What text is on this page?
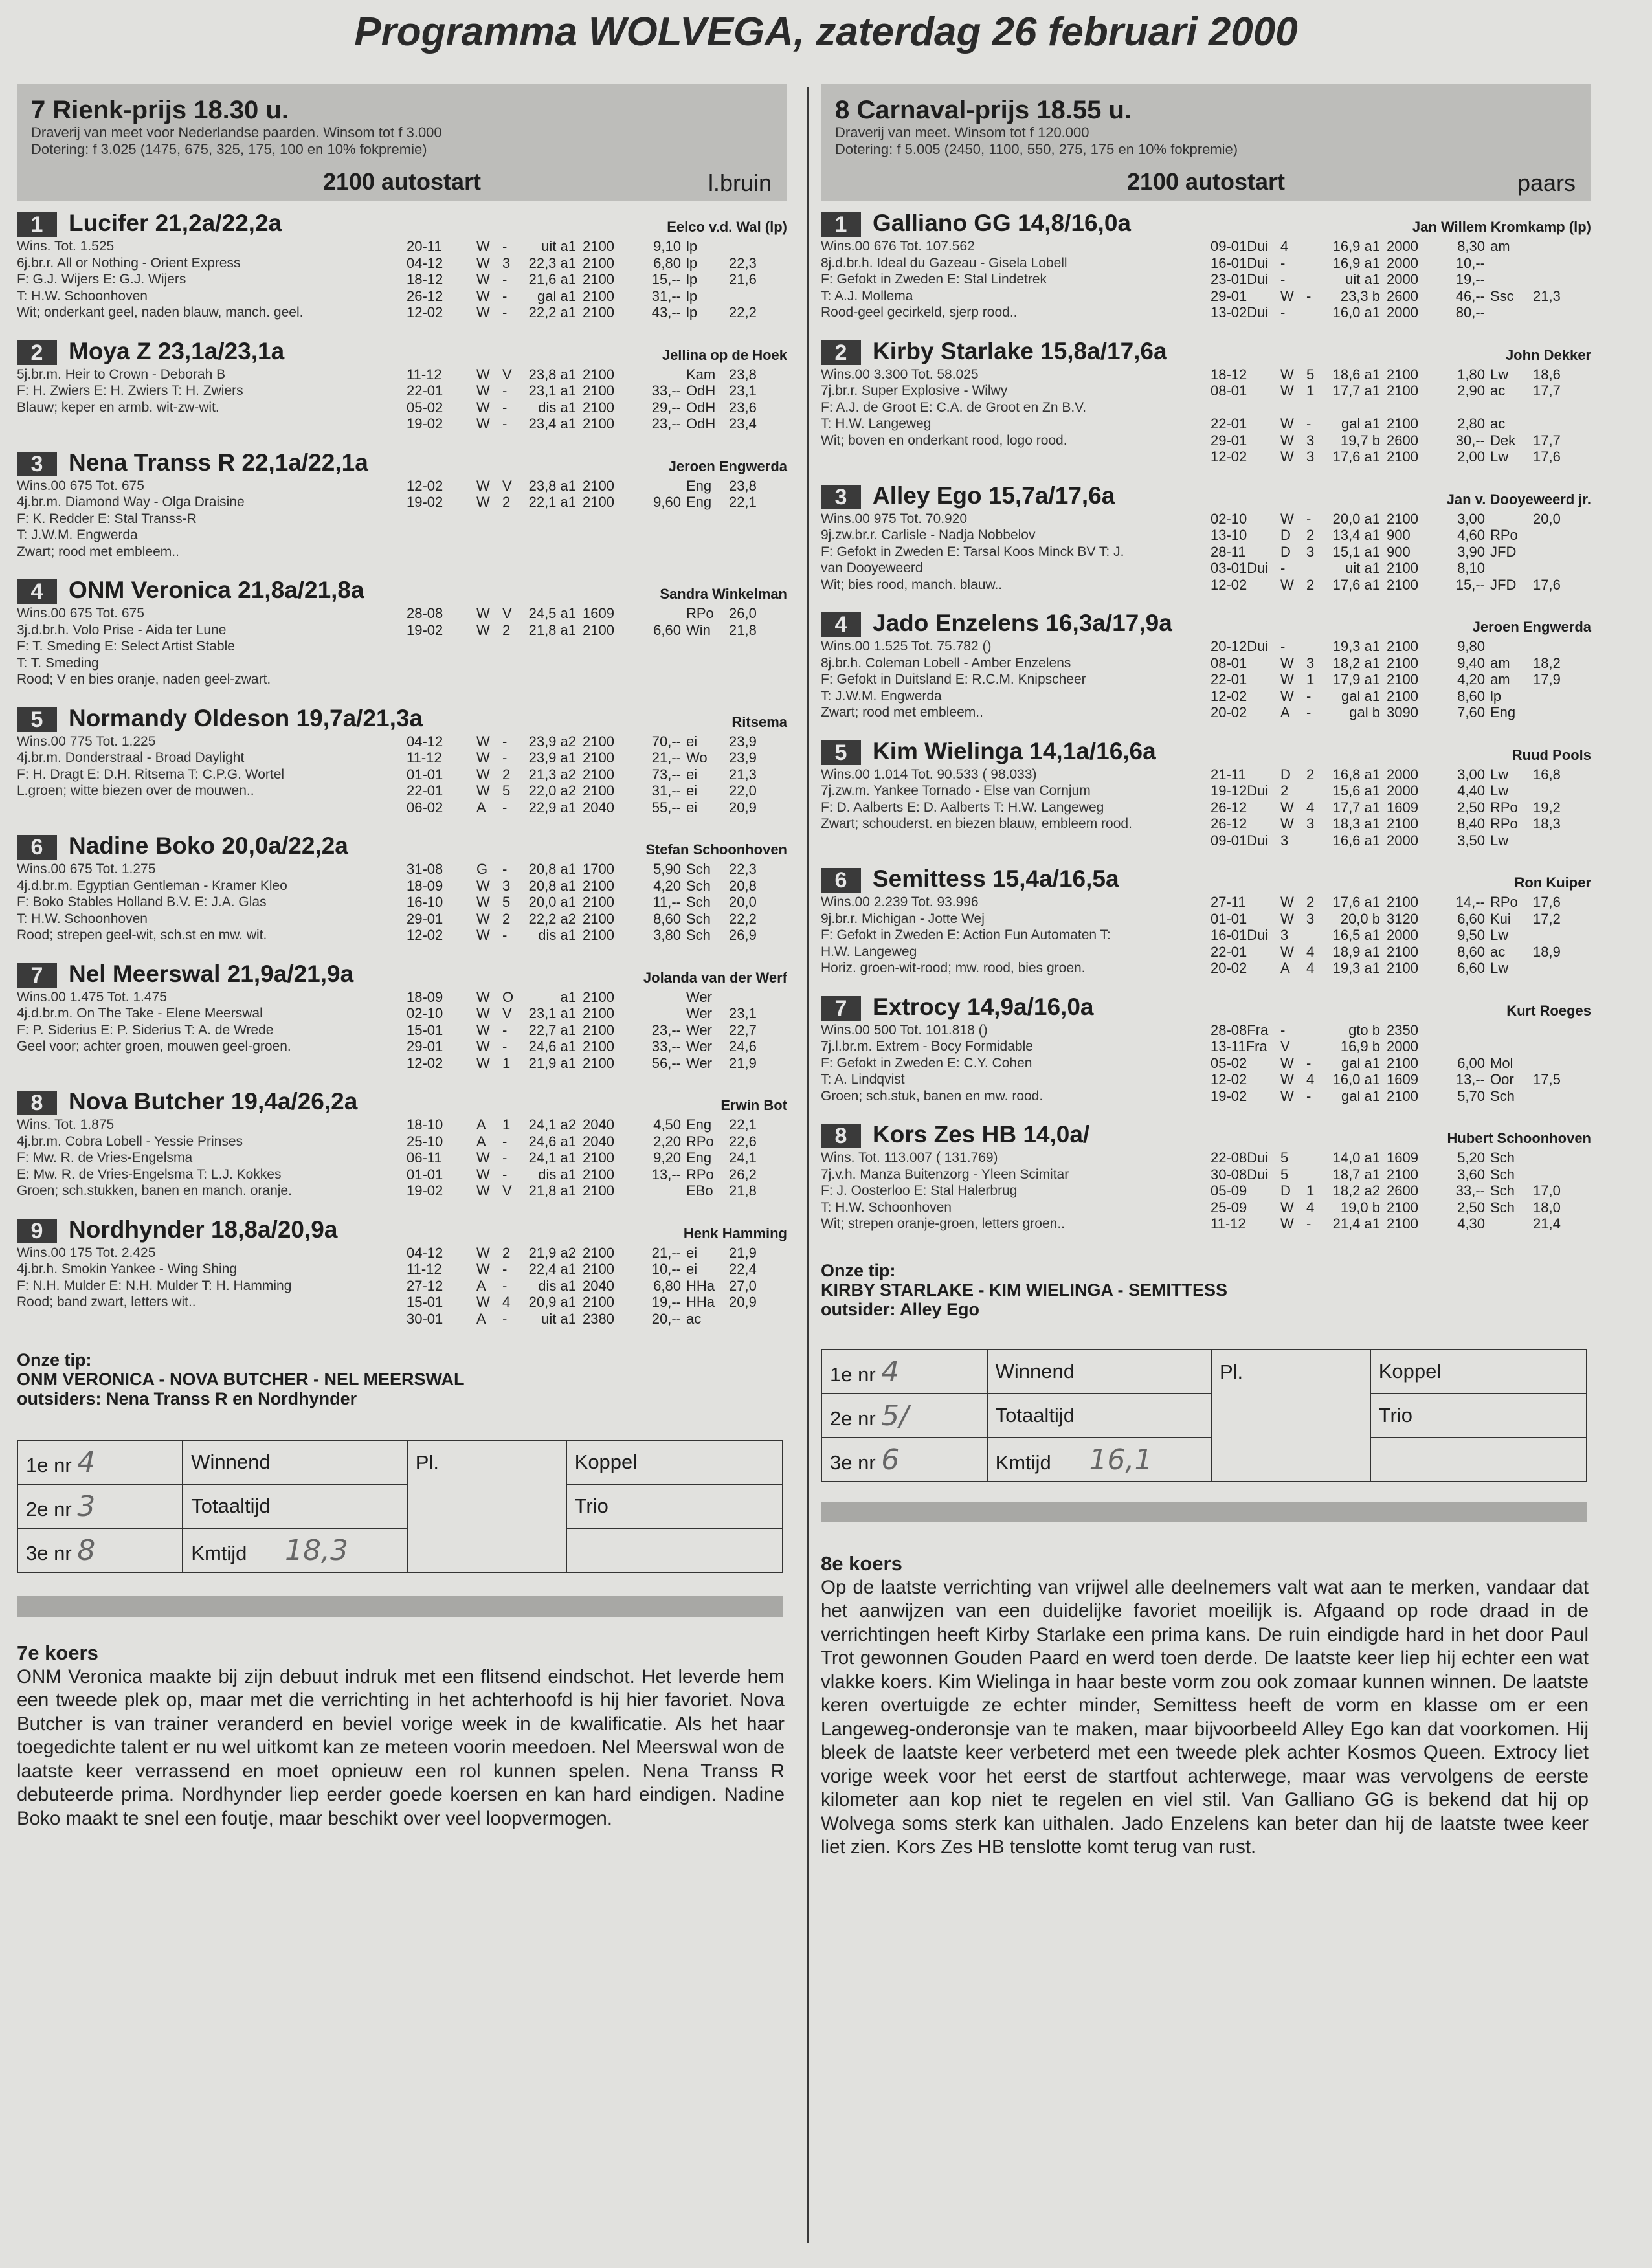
Programma WOLVEGA, zaterdag 26 februari 2000
7 Rienk-prijs 18.30 u.
Draverij van meet voor Nederlandse paarden. Winsom tot f 3.000
Dotering: f 3.025 (1475, 675, 325, 175, 100 en 10% fokpremie)
2100 autostart	l.bruin
1	Lucifer 21,2a/22,2a	Eelco v.d. Wal (lp)
Wins. Tot. 1.525
6j.br.r. All or Nothing - Orient Express
F: G.J. Wijers E: G.J. Wijers
T: H.W. Schoonhoven
Wit; onderkant geel, naden blauw, manch. geel.
20-11 W -	uit a1 2100	9,10 lp
04-12 W 3	22,3 a1 2100	6,80 lp 22,3
18-12 W -	21,6 a1 2100	15,-- lp 21,6
26-12 W -	gal a1 2100	31,-- lp
12-02 W -	22,2 a1 2100	43,-- lp 22,2
2	Moya Z 23,1a/23,1a	Jellina op de Hoek
5j.br.m. Heir to Crown - Deborah B
F: H. Zwiers E: H. Zwiers T: H. Zwiers
Blauw; keper en armb. wit-zw-wit.
11-12 W V	23,8 a1 2100	Kam 23,8
22-01 W -	23,1 a1 2100	33,-- OdH 23,1
05-02 W -	dis a1 2100	29,-- OdH 23,6
19-02 W -	23,4 a1 2100	23,-- OdH 23,4
3	Nena Transs R 22,1a/22,1a	Jeroen Engwerda
Wins.00 675 Tot. 675
4j.br.m. Diamond Way - Olga Draisine
F: K. Redder E: Stal Transs-R
T: J.W.M. Engwerda
Zwart; rood met embleem..
12-02 W V	23,8 a1 2100	Eng 23,8
19-02 W 2	22,1 a1 2100	9,60 Eng 22,1
4	ONM Veronica 21,8a/21,8a	Sandra Winkelman
Wins.00 675 Tot. 675
3j.d.br.h. Volo Prise - Aida ter Lune
F: T. Smeding E: Select Artist Stable
T: T. Smeding
Rood; V en bies oranje, naden geel-zwart.
28-08 W V	24,5 a1 1609	RPo 26,0
19-02 W 2	21,8 a1 2100	6,60 Win 21,8
5	Normandy Oldeson 19,7a/21,3a	Ritsema
Wins.00 775 Tot. 1.225
4j.br.m. Donderstraal - Broad Daylight
F: H. Dragt E: D.H. Ritsema T: C.P.G. Wortel
L.groen; witte biezen over de mouwen..
04-12 W -	23,9 a2 2100	70,-- ei 23,9
11-12 W -	23,9 a1 2100	21,-- Wo 23,9
01-01 W 2	21,3 a2 2100	73,-- ei 21,3
22-01 W 5	22,0 a2 2100	31,-- ei 22,0
06-02 A -	22,9 a1 2040	55,-- ei 20,9
6	Nadine Boko 20,0a/22,2a	Stefan Schoonhoven
Wins.00 675 Tot. 1.275
4j.d.br.m. Egyptian Gentleman - Kramer Kleo
F: Boko Stables Holland B.V. E: J.A. Glas
T: H.W. Schoonhoven
Rood; strepen geel-wit, sch.st en mw. wit.
31-08 G -	20,8 a1 1700	5,90 Sch 22,3
18-09 W 3	20,8 a1 2100	4,20 Sch 20,8
16-10 W 5	20,0 a1 2100	11,-- Sch 20,0
29-01 W 2	22,2 a2 2100	8,60 Sch 22,2
12-02 W -	dis a1 2100	3,80 Sch 26,9
7	Nel Meerswal 21,9a/21,9a	Jolanda van der Werf
Wins.00 1.475 Tot. 1.475
4j.d.br.m. On The Take - Elene Meerswal
F: P. Siderius E: P. Siderius T: A. de Wrede
Geel voor; achter groen, mouwen geel-groen.
18-09 W O	a1 2100	Wer
02-10 W V	23,1 a1 2100	Wer 23,1
15-01 W -	22,7 a1 2100	23,-- Wer 22,7
29-01 W -	24,6 a1 2100	33,-- Wer 24,6
12-02 W 1	21,9 a1 2100	56,-- Wer 21,9
8	Nova Butcher 19,4a/26,2a	Erwin Bot
Wins. Tot. 1.875
4j.br.m. Cobra Lobell - Yessie Prinses
F: Mw. R. de Vries-Engelsma
E: Mw. R. de Vries-Engelsma T: L.J. Kokkes
Groen; sch.stukken, banen en manch. oranje.
18-10 A 1	24,1 a2 2040	4,50 Eng 22,1
25-10 A -	24,6 a1 2040	2,20 RPo 22,6
06-11 W -	24,1 a1 2100	9,20 Eng 24,1
01-01 W -	dis a1 2100	13,-- RPo 26,2
19-02 W V	21,8 a1 2100	EBo 21,8
9	Nordhynder 18,8a/20,9a	Henk Hamming
Wins.00 175 Tot. 2.425
4j.br.h. Smokin Yankee - Wing Shing
F: N.H. Mulder E: N.H. Mulder T: H. Hamming
Rood; band zwart, letters wit..
04-12 W 2	21,9 a2 2100	21,-- ei 21,9
11-12 W -	22,4 a1 2100	10,-- ei 22,4
27-12 A -	dis a1 2040	6,80 HHa 27,0
15-01 W 4	20,9 a1 2100	19,-- HHa 20,9
30-01 A -	uit a1 2380	20,-- ac
8 Carnaval-prijs 18.55 u.
Draverij van meet. Winsom tot f 120.000
Dotering: f 5.005 (2450, 1100, 550, 275, 175 en 10% fokpremie)
2100 autostart	paars
1	Galliano GG 14,8/16,0a	Jan Willem Kromkamp (lp)
Wins.00 676 Tot. 107.562
8j.d.br.h. Ideal du Gazeau - Gisela Lobell
F: Gefokt in Zweden E: Stal Lindetrek
T: A.J. Mollema
Rood-geel gecirkeld, sjerp rood..
09-01Dui 4	16,9 a1 2000	8,30 am
16-01Dui -	16,9 a1 2000	10,--
23-01Dui -	uit a1 2000	19,--
29-01 W -	23,3 b 2600	46,-- Ssc 21,3
13-02Dui -	16,0 a1 2000	80,--
2	Kirby Starlake 15,8a/17,6a	John Dekker
Wins.00 3.300 Tot. 58.025
7j.br.r. Super Explosive - Wilwy
F: A.J. de Groot E: C.A. de Groot en Zn B.V.
T: H.W. Langeweg
Wit; boven en onderkant rood, logo rood.
18-12 W 5	18,6 a1 2100	1,80 Lw 18,6
08-01 W 1	17,7 a1 2100	2,90 ac 17,7
22-01 W -	gal a1 2100	2,80 ac
29-01 W 3	19,7 b 2600	30,-- Dek 17,7
12-02 W 3	17,6 a1 2100	2,00 Lw 17,6
3	Alley Ego 15,7a/17,6a	Jan v. Dooyeweerd jr.
Wins.00 975 Tot. 70.920
9j.zw.br.r. Carlisle - Nadja Nobbelov
F: Gefokt in Zweden E: Tarsal Koos Minck BV T: J.
van Dooyeweerd
Wit; bies rood, manch. blauw..
02-10 W -	20,0 a1 2100	3,00	20,0
13-10 D 2	13,4 a1 900	4,60 RPo
28-11 D 3	15,1 a1 900	3,90 JFD
03-01Dui -	uit a1 2100	8,10
12-02 W 2	17,6 a1 2100	15,-- JFD 17,6
4	Jado Enzelens 16,3a/17,9a	Jeroen Engwerda
Wins.00 1.525 Tot. 75.782 ()
8j.br.h. Coleman Lobell - Amber Enzelens
F: Gefokt in Duitsland E: R.C.M. Knipscheer
T: J.W.M. Engwerda
Zwart; rood met embleem..
20-12Dui -	19,3 a1 2100	9,80
08-01 W 3	18,2 a1 2100	9,40 am 18,2
22-01 W 1	17,9 a1 2100	4,20 am 17,9
12-02 W -	gal a1 2100	8,60 lp
20-02 A -	gal b 3090	7,60 Eng
5	Kim Wielinga 14,1a/16,6a	Ruud Pools
Wins.00 1.014 Tot. 90.533 ( 98.033)
7j.zw.m. Yankee Tornado - Else van Cornjum
F: D. Aalberts E: D. Aalberts T: H.W. Langeweg
Zwart; schouderst. en biezen blauw, embleem rood.
21-11 D 2	16,8 a1 2000	3,00 Lw 16,8
19-12Dui 2	15,6 a1 2000	4,40 Lw
26-12 W 4	17,7 a1 1609	2,50 RPo 19,2
26-12 W 3	18,3 a1 2100	8,40 RPo 18,3
09-01Dui 3	16,6 a1 2000	3,50 Lw
6	Semittess 15,4a/16,5a	Ron Kuiper
Wins.00 2.239 Tot. 93.996
9j.br.r. Michigan - Jotte Wej
F: Gefokt in Zweden E: Action Fun Automaten T:
H.W. Langeweg
Horiz. groen-wit-rood; mw. rood, bies groen.
27-11 W 2	17,6 a1 2100	14,-- RPo 17,6
01-01 W 3	20,0 b 3120	6,60 Kui 17,2
16-01Dui 3	16,5 a1 2000	9,50 Lw
22-01 W 4	18,9 a1 2100	8,60 ac 18,9
20-02 A 4	19,3 a1 2100	6,60 Lw
7	Extrocy 14,9a/16,0a	Kurt Roeges
Wins.00 500 Tot. 101.818 ()
7j.l.br.m. Extrem - Bocy Formidable
F: Gefokt in Zweden E: C.Y. Cohen
T: A. Lindqvist
Groen; sch.stuk, banen en mw. rood.
28-08Fra -	gto b 2350
13-11Fra V	16,9 b 2000
05-02 W -	gal a1 2100	6,00 Mol
12-02 W 4	16,0 a1 1609	13,-- Oor 17,5
19-02 W -	gal a1 2100	5,70 Sch
8	Kors Zes HB 14,0a/	Hubert Schoonhoven
Wins. Tot. 113.007 ( 131.769)
7j.v.h. Manza Buitenzorg - Yleen Scimitar
F: J. Oosterloo E: Stal Halerbrug
T: H.W. Schoonhoven
Wit; strepen oranje-groen, letters groen..
22-08Dui 5	14,0 a1 1609	5,20 Sch
30-08Dui 5	18,7 a1 2100	3,60 Sch
05-09 D 1	18,2 a2 2600	33,-- Sch 17,0
25-09 W 4	19,0 b 2100	2,50 Sch 18,0
11-12 W -	21,4 a1 2100	4,30	21,4
Onze tip:
ONM VERONICA - NOVA BUTCHER - NEL MEERSWAL
outsiders: Nena Transs R en Nordhynder
Onze tip:
KIRBY STARLAKE - KIM WIELINGA - SEMITTESS
outsider: Alley Ego
1e nr 4	Winnend	Pl.	Koppel
2e nr 3	Totaaltijd		Trio
3e nr 8	Kmtijd 18,3		
1e nr 4	Winnend	Pl.	Koppel
2e nr 5/	Totaaltijd		Trio
3e nr 6	Kmtijd 16,1		
7e koers
ONM Veronica maakte bij zijn debuut indruk met een flitsend eindschot. Het leverde hem een tweede plek op, maar met die verrichting in het achterhoofd is hij hier favoriet. Nova Butcher is van trainer veranderd en beviel vorige week in de kwalificatie. Als het haar toegedichte talent er nu wel uitkomt kan ze meteen voorin meedoen. Nel Meerswal won de laatste keer verrassend en moet opnieuw een rol kunnen spelen. Nena Transs R debuteerde prima. Nordhynder liep eerder goede koersen en kan hard eindigen. Nadine Boko maakt te snel een foutje, maar beschikt over veel loopvermogen.
8e koers
Op de laatste verrichting van vrijwel alle deelnemers valt wat aan te merken, vandaar dat het aanwijzen van een duidelijke favoriet moeilijk is. Afgaand op rode draad in de verrichtingen heeft Kirby Starlake een prima kans. De ruin eindigde hard in het door Paul Trot gewonnen Gouden Paard en werd toen derde. De laatste keer liep hij echter een wat vlakke koers. Kim Wielinga in haar beste vorm zou ook zomaar kunnen winnen. De laatste keren overtuigde ze echter minder, Semittess heeft de vorm en klasse om er een Langeweg-onderonsje van te maken, maar bijvoorbeeld Alley Ego kan dat voorkomen. Hij bleek de laatste keer verbeterd met een tweede plek achter Kosmos Queen. Extrocy liet vorige week voor het eerst de startfout achterwege, maar was vervolgens de eerste kilometer aan kop niet te regelen en viel stil. Van Galliano GG is bekend dat hij op Wolvega soms sterk kan uithalen. Jado Enzelens kan beter dan hij de laatste twee keer liet zien. Kors Zes HB tenslotte komt terug van rust.
